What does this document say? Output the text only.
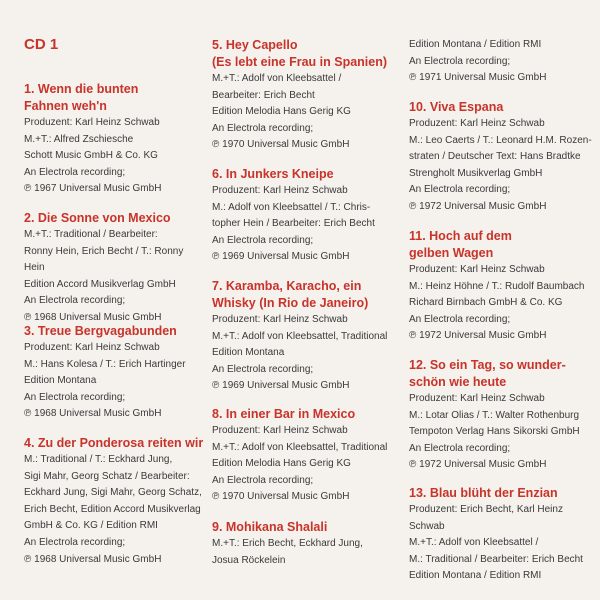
CD 1
1. Wenn die bunten
Fahnen weh'n
Produzent: Karl Heinz Schwab
M.+T.: Alfred Zschiesche
Schott Music GmbH & Co. KG
An Electrola recording;
℗ 1967 Universal Music GmbH
2. Die Sonne von Mexico
M.+T.: Traditional / Bearbeiter:
Ronny Hein, Erich Becht / T.: Ronny Hein
Edition Accord Musikverlag GmbH
An Electrola recording;
℗ 1968 Universal Music GmbH
3. Treue Bergvagabunden
Produzent: Karl Heinz Schwab
M.: Hans Kolesa / T.: Erich Hartinger
Edition Montana
An Electrola recording;
℗ 1968 Universal Music GmbH
4. Zu der Ponderosa reiten wir
M.: Traditional / T.: Eckhard Jung,
Sigi Mahr, Georg Schatz / Bearbeiter:
Eckhard Jung, Sigi Mahr, Georg Schatz,
Erich Becht, Edition Accord Musikverlag
GmbH & Co. KG / Edition RMI
An Electrola recording;
℗ 1968 Universal Music GmbH
5. Hey Capello
(Es lebt eine Frau in Spanien)
M.+T.: Adolf von Kleebsattel /
Bearbeiter: Erich Becht
Edition Melodia Hans Gerig KG
An Electrola recording;
℗ 1970 Universal Music GmbH
6. In Junkers Kneipe
Produzent: Karl Heinz Schwab
M.: Adolf von Kleebsattel / T.: Chris-
topher Hein / Bearbeiter: Erich Becht
An Electrola recording;
℗ 1969 Universal Music GmbH
7. Karamba, Karacho, ein
Whisky (In Rio de Janeiro)
Produzent: Karl Heinz Schwab
M.+T.: Adolf von Kleebsattel, Traditional
Edition Montana
An Electrola recording;
℗ 1969 Universal Music GmbH
8. In einer Bar in Mexico
Produzent: Karl Heinz Schwab
M.+T.: Adolf von Kleebsattel, Traditional
Edition Melodia Hans Gerig KG
An Electrola recording;
℗ 1970 Universal Music GmbH
9. Mohikana Shalali
M.+T.: Erich Becht, Eckhard Jung,
Josua Röckelein
Edition Montana / Edition RMI
An Electrola recording;
℗ 1971 Universal Music GmbH
10. Viva Espana
Produzent: Karl Heinz Schwab
M.: Leo Caerts / T.: Leonard H.M. Rozen-
straten / Deutscher Text: Hans Bradtke
Strengholt Musikverlag GmbH
An Electrola recording;
℗ 1972 Universal Music GmbH
11. Hoch auf dem
gelben Wagen
Produzent: Karl Heinz Schwab
M.: Heinz Höhne / T.: Rudolf Baumbach
Richard Birnbach GmbH & Co. KG
An Electrola recording;
℗ 1972 Universal Music GmbH
12. So ein Tag, so wunder-
schön wie heute
Produzent: Karl Heinz Schwab
M.: Lotar Olias / T.: Walter Rothenburg
Tempoton Verlag Hans Sikorski GmbH
An Electrola recording;
℗ 1972 Universal Music GmbH
13. Blau blüht der Enzian
Produzent: Erich Becht, Karl Heinz Schwab
M.+T.: Adolf von Kleebsattel /
M.: Traditional / Bearbeiter: Erich Becht
Edition Montana / Edition RMI
